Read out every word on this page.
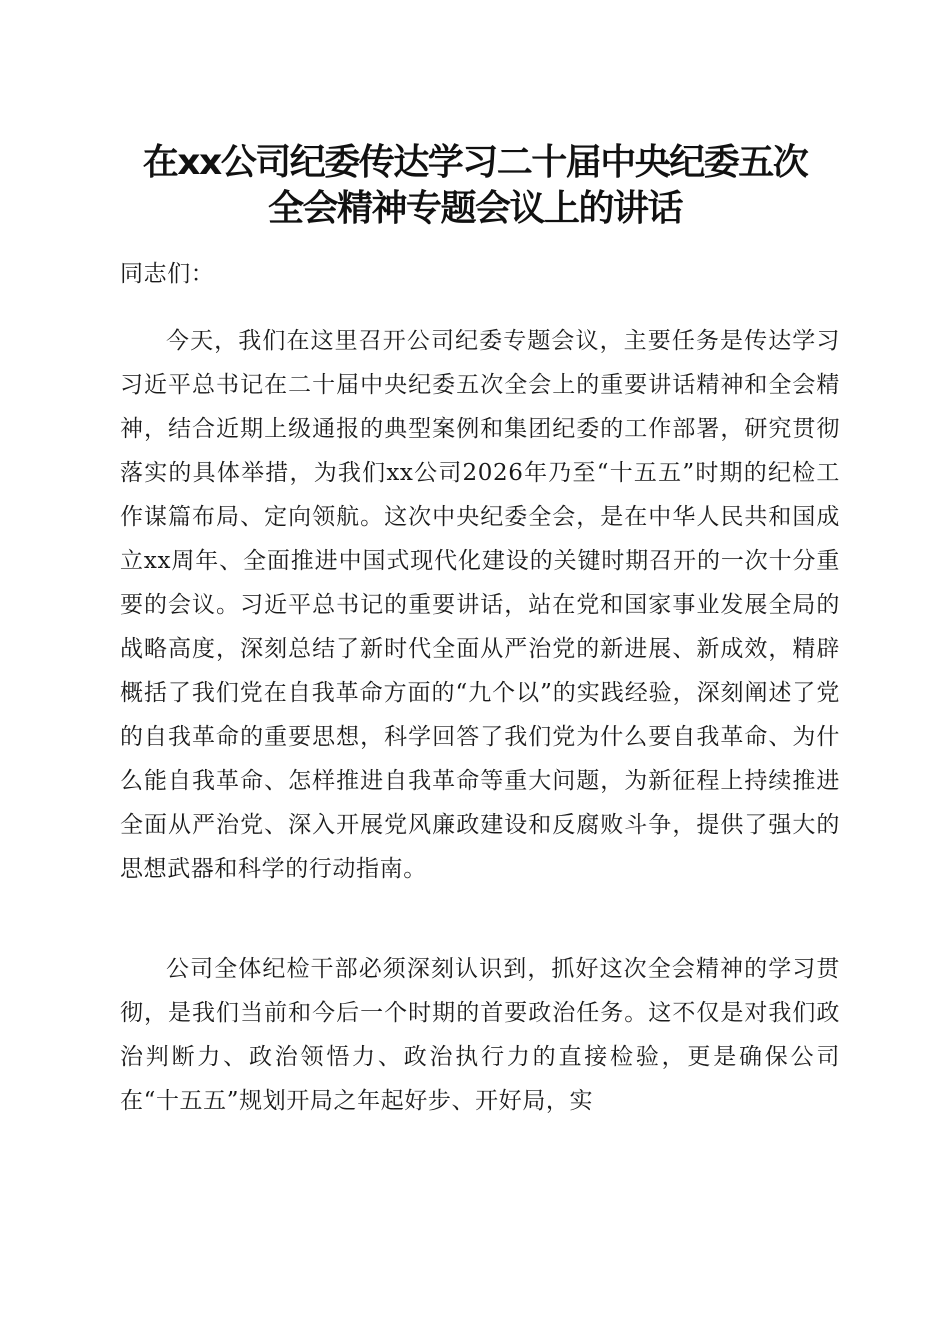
在xx公司纪委传达学习二十届中央纪委五次
全会精神专题会议上的讲话
同志们：
今天，我们在这里召开公司纪委专题会议，主要任务是传达学习习近平总书记在二十届中央纪委五次全会上的重要讲话精神和全会精神，结合近期上级通报的典型案例和集团纪委的工作部署，研究贯彻落实的具体举措，为我们xx公司2026年乃至“十五五”时期的纪检工作谋篇布局、定向领航。这次中央纪委全会，是在中华人民共和国成立xx周年、全面推进中国式现代化建设的关键时期召开的一次十分重要的会议。习近平总书记的重要讲话，站在党和国家事业发展全局的战略高度，深刻总结了新时代全面从严治党的新进展、新成效，精辟概括了我们党在自我革命方面的“九个以”的实践经验，深刻阐述了党的自我革命的重要思想，科学回答了我们党为什么要自我革命、为什么能自我革命、怎样推进自我革命等重大问题，为新征程上持续推进全面从严治党、深入开展党风廉政建设和反腐败斗争，提供了强大的思想武器和科学的行动指南。
公司全体纪检干部必须深刻认识到，抓好这次全会精神的学习贯彻，是我们当前和今后一个时期的首要政治任务。这不仅是对我们政治判断力、政治领悟力、政治执行力的直接检验，更是确保公司在“十五五”规划开局之年起好步、开好局，实
